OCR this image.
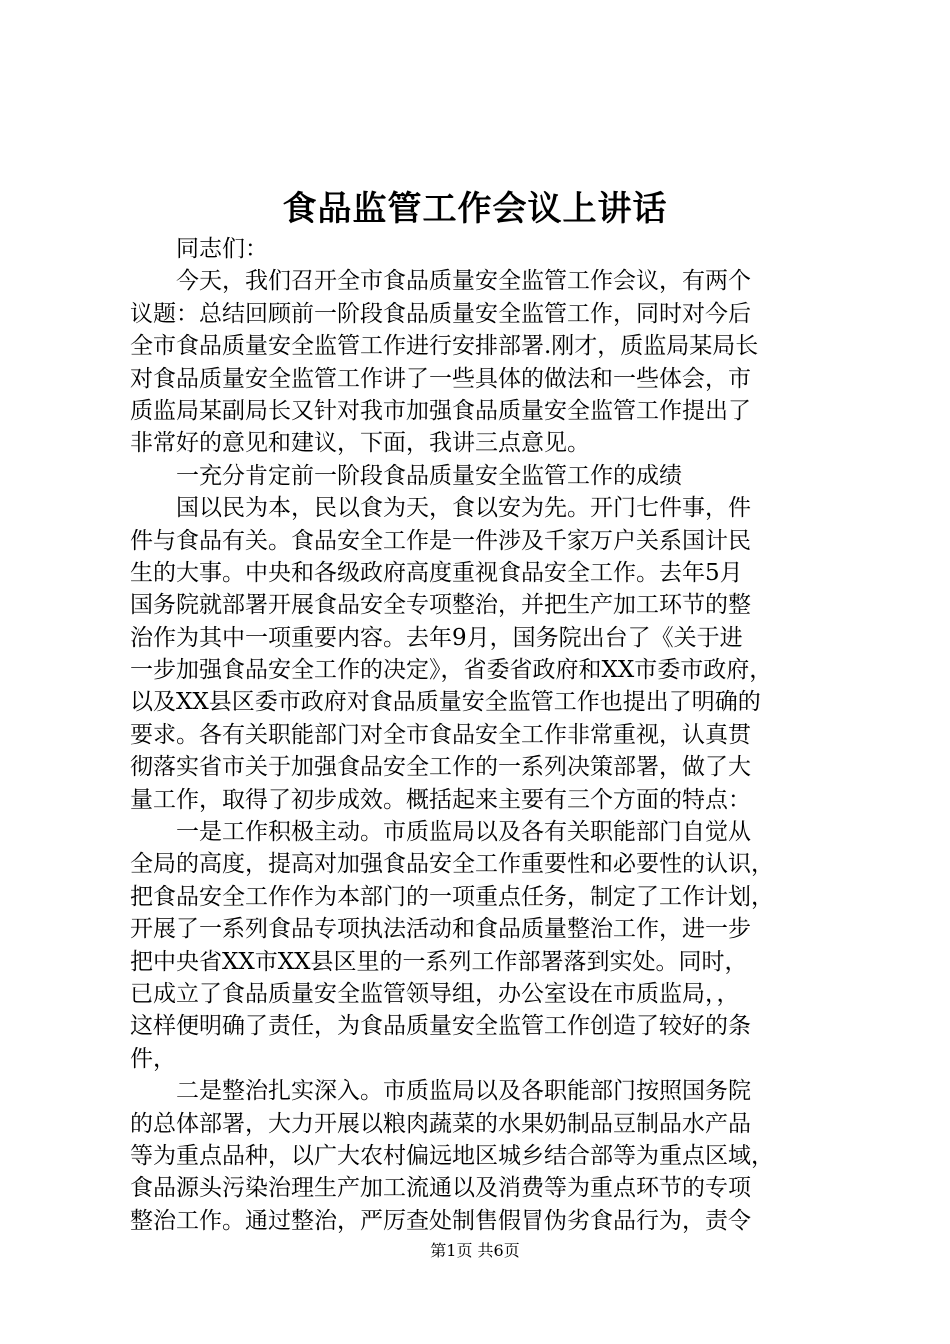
食品监管工作会议上讲话
　　同志们：
　　今天，我们召开全市食品质量安全监管工作会议，有两个
议题：总结回顾前一阶段食品质量安全监管工作，同时对今后
全市食品质量安全监管工作进行安排部署.刚才，质监局某局长
对食品质量安全监管工作讲了一些具体的做法和一些体会，市
质监局某副局长又针对我市加强食品质量安全监管工作提出了
非常好的意见和建议，下面，我讲三点意见。
　　一充分肯定前一阶段食品质量安全监管工作的成绩
　　国以民为本，民以食为天，食以安为先。开门七件事，件
件与食品有关。食品安全工作是一件涉及千家万户关系国计民
生的大事。中央和各级政府高度重视食品安全工作。去年5月
国务院就部署开展食品安全专项整治，并把生产加工环节的整
治作为其中一项重要内容。去年9月，国务院出台了《关于进
一步加强食品安全工作的决定》，省委省政府和XX市委市政府，
以及XX县区委市政府对食品质量安全监管工作也提出了明确的
要求。各有关职能部门对全市食品安全工作非常重视，认真贯
彻落实省市关于加强食品安全工作的一系列决策部署，做了大
量工作，取得了初步成效。概括起来主要有三个方面的特点：
　　一是工作积极主动。市质监局以及各有关职能部门自觉从
全局的高度，提高对加强食品安全工作重要性和必要性的认识，
把食品安全工作作为本部门的一项重点任务，制定了工作计划，
开展了一系列食品专项执法活动和食品质量整治工作，进一步
把中央省XX市XX县区里的一系列工作部署落到实处。同时，
已成立了食品质量安全监管领导组，办公室设在市质监局，，
这样便明确了责任，为食品质量安全监管工作创造了较好的条
件，
　　二是整治扎实深入。市质监局以及各职能部门按照国务院
的总体部署，大力开展以粮肉蔬菜的水果奶制品豆制品水产品
等为重点品种，以广大农村偏远地区城乡结合部等为重点区域，
食品源头污染治理生产加工流通以及消费等为重点环节的专项
整治工作。通过整治，严厉查处制售假冒伪劣食品行为，责令
第1页 共6页
